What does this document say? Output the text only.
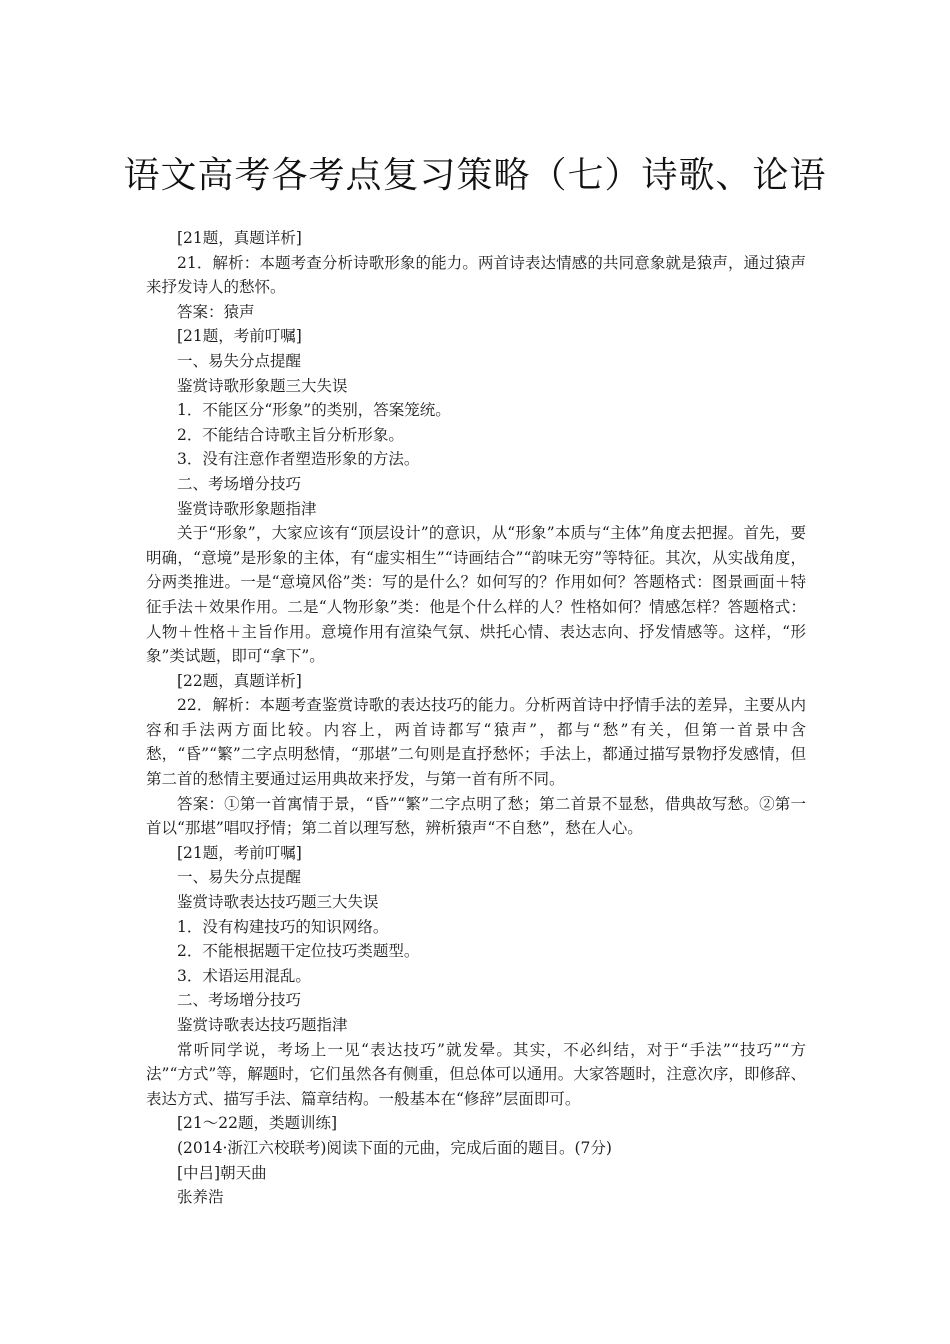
语文高考各考点复习策略（七）诗歌、论语

[21题，真题详析]

21．解析：本题考查分析诗歌形象的能力。两首诗表达情感的共同意象就是猿声，通过猿声来抒发诗人的愁怀。

答案：猿声

[21题，考前叮嘱]

一、易失分点提醒

鉴赏诗歌形象题三大失误

1．不能区分“形象”的类别，答案笼统。

2．不能结合诗歌主旨分析形象。

3．没有注意作者塑造形象的方法。

二、考场增分技巧

鉴赏诗歌形象题指津

关于“形象”，大家应该有“顶层设计”的意识，从“形象”本质与“主体”角度去把握。首先，要明确，“意境”是形象的主体，有“虚实相生”“诗画结合”“韵味无穷”等特征。其次，从实战角度，分两类推进。一是“意境风俗”类：写的是什么？如何写的？作用如何？答题格式：图景画面＋特征手法＋效果作用。二是“人物形象”类：他是个什么样的人？性格如何？情感怎样？答题格式：人物＋性格＋主旨作用。意境作用有渲染气氛、烘托心情、表达志向、抒发情感等。这样，“形象”类试题，即可“拿下”。

[22题，真题详析]

22．解析：本题考查鉴赏诗歌的表达技巧的能力。分析两首诗中抒情手法的差异，主要从内容和手法两方面比较。内容上，两首诗都写“猿声”，都与“愁”有关，但第一首景中含愁，“昏”“繁”二字点明愁情，“那堪”二句则是直抒愁怀；手法上，都通过描写景物抒发感情，但第二首的愁情主要通过运用典故来抒发，与第一首有所不同。

答案：①第一首寓情于景，“昏”“繁”二字点明了愁；第二首景不显愁，借典故写愁。②第一首以“那堪”唱叹抒情；第二首以理写愁，辨析猿声“不自愁”，愁在人心。

[21题，考前叮嘱]

一、易失分点提醒

鉴赏诗歌表达技巧题三大失误

1．没有构建技巧的知识网络。

2．不能根据题干定位技巧类题型。

3．术语运用混乱。

二、考场增分技巧

鉴赏诗歌表达技巧题指津

常听同学说，考场上一见“表达技巧”就发晕。其实，不必纠结，对于“手法”“技巧”“方法”“方式”等，解题时，它们虽然各有侧重，但总体可以通用。大家答题时，注意次序，即修辞、表达方式、描写手法、篇章结构。一般基本在“修辞”层面即可。

[21～22题，类题训练]

(2014·浙江六校联考)阅读下面的元曲，完成后面的题目。(7分)

[中吕]朝天曲

张养浩
